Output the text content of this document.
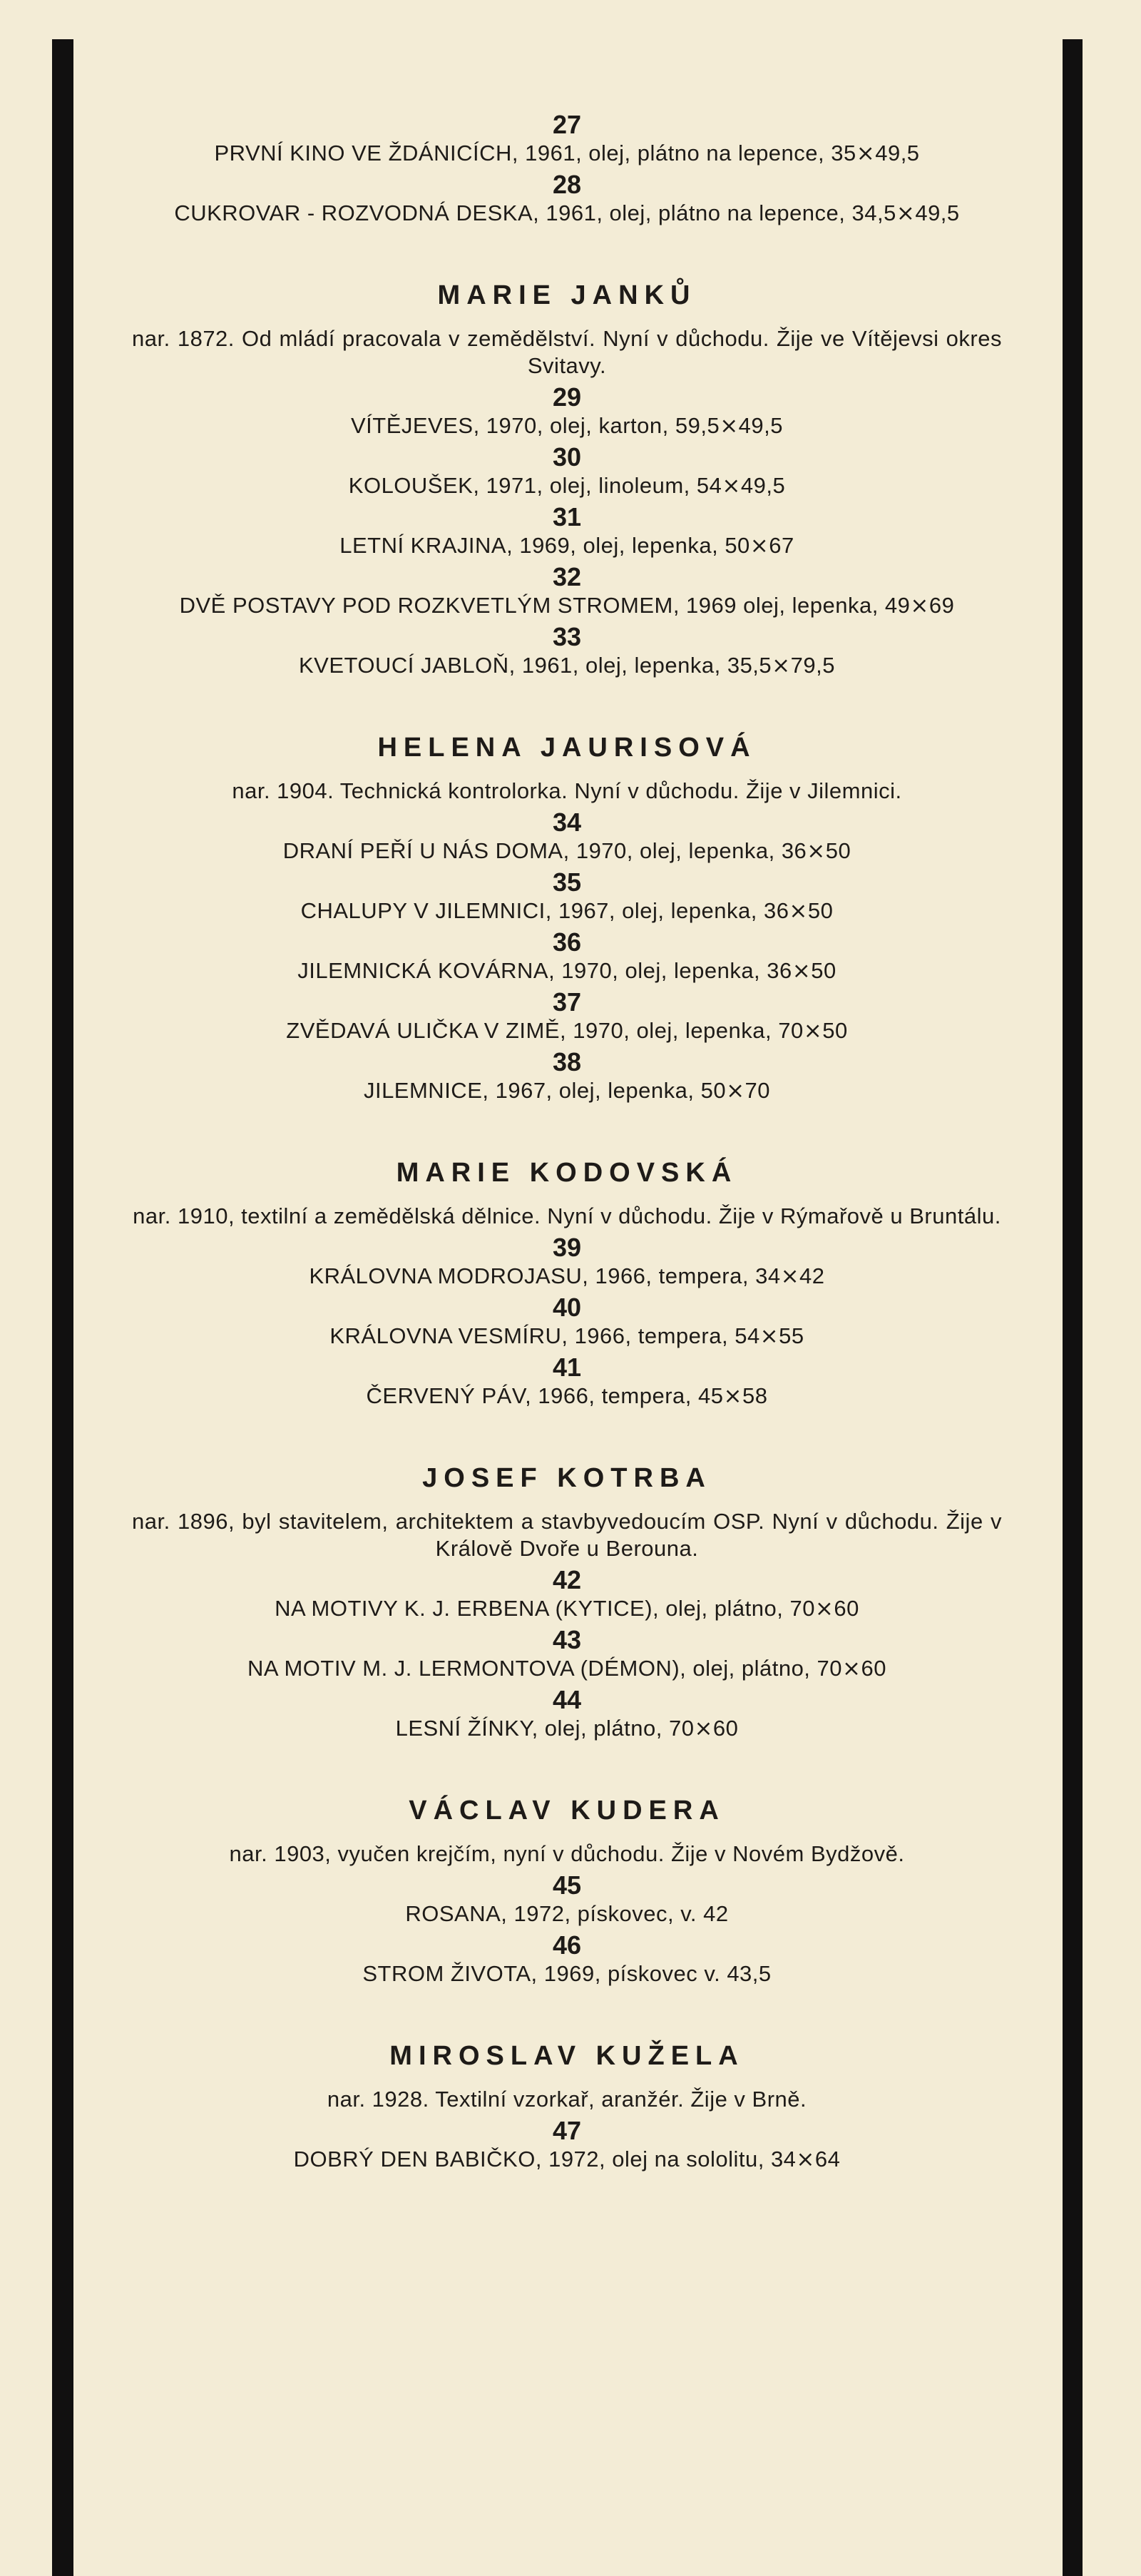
27
PRVNÍ KINO VE ŽDÁNICÍCH, 1961, olej, plátno na lepence, 35⨯49,5
28
CUKROVAR - ROZVODNÁ DESKA, 1961, olej, plátno na lepence, 34,5⨯49,5
MARIE JANKŮ
nar. 1872. Od mládí pracovala v zemědělství. Nyní v důchodu. Žije ve Vítějevsi okres Svitavy.
29
VÍTĚJEVES, 1970, olej, karton, 59,5⨯49,5
30
KOLOUŠEK, 1971, olej, linoleum, 54⨯49,5
31
LETNÍ KRAJINA, 1969, olej, lepenka, 50⨯67
32
DVĚ POSTAVY POD ROZKVETLÝM STROMEM, 1969 olej, lepenka, 49⨯69
33
KVETOUCÍ JABLOŇ, 1961, olej, lepenka, 35,5⨯79,5
HELENA JAURISOVÁ
nar. 1904. Technická kontrolorka. Nyní v důchodu. Žije v Jilemnici.
34
DRANÍ PEŘÍ U NÁS DOMA, 1970, olej, lepenka, 36⨯50
35
CHALUPY V JILEMNICI, 1967, olej, lepenka, 36⨯50
36
JILEMNICKÁ KOVÁRNA, 1970, olej, lepenka, 36⨯50
37
ZVĚDAVÁ ULIČKA V ZIMĚ, 1970, olej, lepenka, 70⨯50
38
JILEMNICE, 1967, olej, lepenka, 50⨯70
MARIE KODOVSKÁ
nar. 1910, textilní a zemědělská dělnice. Nyní v důchodu. Žije v Rýmařově u Bruntálu.
39
KRÁLOVNA MODROJASU, 1966, tempera, 34⨯42
40
KRÁLOVNA VESMÍRU, 1966, tempera, 54⨯55
41
ČERVENÝ PÁV, 1966, tempera, 45⨯58
JOSEF KOTRBA
nar. 1896, byl stavitelem, architektem a stavbyvedoucím OSP. Nyní v důchodu. Žije v Králově Dvoře u Berouna.
42
NA MOTIVY K. J. ERBENA (KYTICE), olej, plátno, 70⨯60
43
NA MOTIV M. J. LERMONTOVA (DÉMON), olej, plátno, 70⨯60
44
LESNÍ ŽÍNKY, olej, plátno, 70⨯60
VÁCLAV KUDERA
nar. 1903, vyučen krejčím, nyní v důchodu. Žije v Novém Bydžově.
45
ROSANA, 1972, pískovec, v. 42
46
STROM ŽIVOTA, 1969, pískovec v. 43,5
MIROSLAV KUŽELA
nar. 1928. Textilní vzorkař, aranžér. Žije v Brně.
47
DOBRÝ DEN BABIČKO, 1972, olej na sololitu, 34⨯64
